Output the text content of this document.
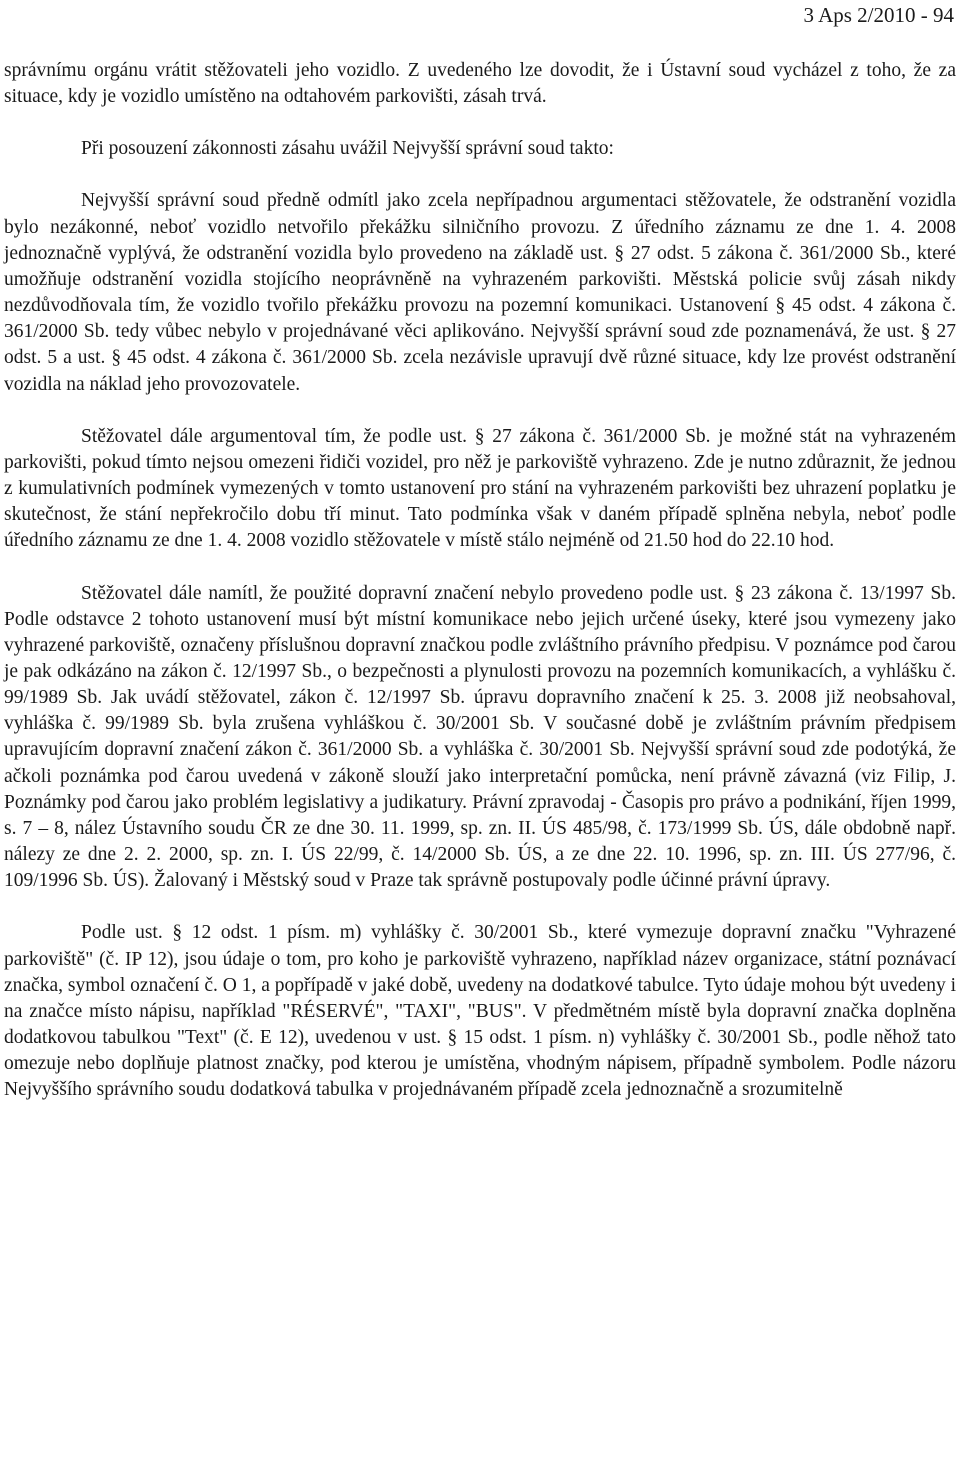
3 Aps 2/2010 - 94

správnímu orgánu vrátit stěžovateli jeho vozidlo. Z uvedeného lze dovodit, že i Ústavní soud vycházel z toho, že za situace, kdy je vozidlo umístěno na odtahovém parkovišti, zásah trvá.

Při posouzení zákonnosti zásahu uvážil Nejvyšší správní soud takto:

Nejvyšší správní soud předně odmítl jako zcela nepřípadnou argumentaci stěžovatele, že odstranění vozidla bylo nezákonné, neboť vozidlo netvořilo překážku silničního provozu. Z úředního záznamu ze dne 1. 4. 2008 jednoznačně vyplývá, že odstranění vozidla bylo provedeno na základě ust. § 27 odst. 5 zákona č. 361/2000 Sb., které umožňuje odstranění vozidla stojícího neoprávněně na vyhrazeném parkovišti. Městská policie svůj zásah nikdy nezdůvodňovala tím, že vozidlo tvořilo překážku provozu na pozemní komunikaci. Ustanovení § 45 odst. 4 zákona č. 361/2000 Sb. tedy vůbec nebylo v projednávané věci aplikováno. Nejvyšší správní soud zde poznamenává, že ust. § 27 odst. 5 a ust. § 45 odst. 4 zákona č. 361/2000 Sb. zcela nezávisle upravují dvě různé situace, kdy lze provést odstranění vozidla na náklad jeho provozovatele.

Stěžovatel dále argumentoval tím, že podle ust. § 27 zákona č. 361/2000 Sb. je možné stát na vyhrazeném parkovišti, pokud tímto nejsou omezeni řidiči vozidel, pro něž je parkoviště vyhrazeno. Zde je nutno zdůraznit, že jednou z kumulativních podmínek vymezených v tomto ustanovení pro stání na vyhrazeném parkovišti bez uhrazení poplatku je skutečnost, že stání nepřekročilo dobu tří minut. Tato podmínka však v daném případě splněna nebyla, neboť podle úředního záznamu ze dne 1. 4. 2008 vozidlo stěžovatele v místě stálo nejméně od 21.50 hod do 22.10 hod.

Stěžovatel dále namítl, že použité dopravní značení nebylo provedeno podle ust. § 23 zákona č. 13/1997 Sb. Podle odstavce 2 tohoto ustanovení musí být místní komunikace nebo jejich určené úseky, které jsou vymezeny jako vyhrazené parkoviště, označeny příslušnou dopravní značkou podle zvláštního právního předpisu. V poznámce pod čarou je pak odkázáno na zákon č. 12/1997 Sb., o bezpečnosti a plynulosti provozu na pozemních komunikacích, a vyhlášku č. 99/1989 Sb. Jak uvádí stěžovatel, zákon č. 12/1997 Sb. úpravu dopravního značení k 25. 3. 2008 již neobsahoval, vyhláška č. 99/1989 Sb. byla zrušena vyhláškou č. 30/2001 Sb. V současné době je zvláštním právním předpisem upravujícím dopravní značení zákon č. 361/2000 Sb. a vyhláška č. 30/2001 Sb. Nejvyšší správní soud zde podotýká, že ačkoli poznámka pod čarou uvedená v zákoně slouží jako interpretační pomůcka, není právně závazná (viz Filip, J. Poznámky pod čarou jako problém legislativy a judikatury. Právní zpravodaj - Časopis pro právo a podnikání, říjen 1999, s. 7 – 8, nález Ústavního soudu ČR ze dne 30. 11. 1999, sp. zn. II. ÚS 485/98, č. 173/1999 Sb. ÚS, dále obdobně např. nálezy ze dne 2. 2. 2000, sp. zn. I. ÚS 22/99, č. 14/2000 Sb. ÚS, a ze dne 22. 10. 1996, sp. zn. III. ÚS 277/96, č. 109/1996 Sb. ÚS). Žalovaný i Městský soud v Praze tak správně postupovaly podle účinné právní úpravy.

Podle ust. § 12 odst. 1 písm. m) vyhlášky č. 30/2001 Sb., které vymezuje dopravní značku "Vyhrazené parkoviště" (č. IP 12), jsou údaje o tom, pro koho je parkoviště vyhrazeno, například název organizace, státní poznávací značka, symbol označení č. O 1, a popřípadě v jaké době, uvedeny na dodatkové tabulce. Tyto údaje mohou být uvedeny i na značce místo nápisu, například "RÉSERVÉ", "TAXI", "BUS". V předmětném místě byla dopravní značka doplněna dodatkovou tabulkou "Text" (č. E 12), uvedenou v ust. § 15 odst. 1 písm. n) vyhlášky č. 30/2001 Sb., podle něhož tato omezuje nebo doplňuje platnost značky, pod kterou je umístěna, vhodným nápisem, případně symbolem. Podle názoru Nejvyššího správního soudu dodatková tabulka v projednávaném případě zcela jednoznačně a srozumitelně
